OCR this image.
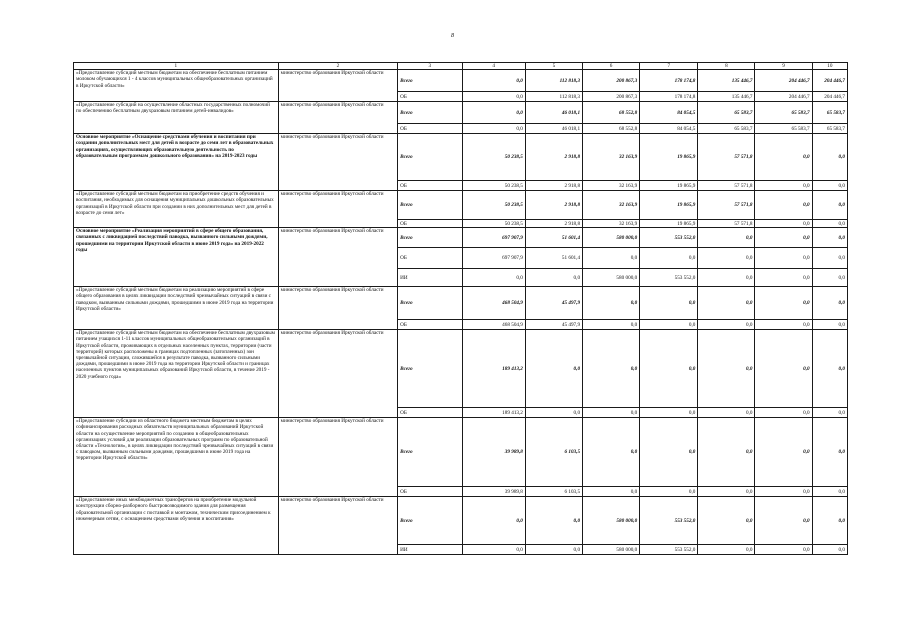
8
1	2	3	4	5	6	7	8	9	10
«Предоставление субсидий местным бюджетам на обеспечение бесплатным питанием молоком обучающихся 1 - 4 классов муниципальных общеобразовательных организаций в Иркутской области»	министерство образования Иркутской области	Всего	0,0	112 818,3	200 867,3	178 174,8	135 446,7	204 446,7	204 446,7
		ОБ	0,0	112 818,3	200 867,3	178 174,8	135 446,7	204 446,7	204 446,7
«Предоставление субсидий на осуществление областных государственных полномочий по обеспечению бесплатным двухразовым питанием детей-инвалидов»	министерство образования Иркутской области	Всего	0,0	46 018,1	68 552,8	84 054,5	65 583,7	65 583,7	65 583,7
		ОБ	0,0	46 018,1	68 552,8	84 054,5	65 583,7	65 583,7	65 583,7
Основное мероприятие «Оснащение средствами обучения и воспитания при создании дополнительных мест для детей в возрасте до семи лет в образовательных организациях, осуществляющих образовательную деятельность по образовательным программам дошкольного образования» на 2019-2023 годы	министерство образования Иркутской области	Всего	50 238,5	2 918,8	32 163,9	19 865,9	57 571,8	0,0	0,0
		ОБ	50 238,5	2 918,8	32 163,9	19 865,9	57 571,8	0,0	0,0
«Предоставление субсидий местным бюджетам на приобретение средств обучения и воспитания, необходимых для оснащения муниципальных дошкольных образовательных организаций в Иркутской области при создании в них дополнительных мест для детей в возрасте до семи лет»	министерство образования Иркутской области	Всего	50 238,5	2 918,8	32 163,9	19 865,9	57 571,8	0,0	0,0
		ОБ	50 238,5	2 918,8	32 163,9	19 865,9	57 571,8	0,0	0,0
Основное мероприятие «Реализация мероприятий в сфере общего образования, связанных с ликвидацией последствий паводка, вызванного сильными дождями, прошедшими на территории Иркутской области в июне 2019 года» на 2019-2022 годы	министерство образования Иркутской области	Всего	697 907,9	51 601,4	580 000,0	553 552,0	0,0	0,0	0,0
		ОБ	697 907,9	51 601,4	0,0	0,0	0,0	0,0	0,0
		ИИ	0,0	0,0	580 000,0	553 552,0	0,0	0,0	0,0
«Предоставление субсидий местным бюджетам на реализацию мероприятий в сфере общего образования в целях ликвидации последствий чрезвычайных ситуаций в связи с паводком, вызванным сильными дождями, прошедшими в июне 2019 года на территории Иркутской области»	министерство образования Иркутской области	Всего	468 504,9	45 497,9	0,0	0,0	0,0	0,0	0,0
		ОБ	468 504,9	45 497,9	0,0	0,0	0,0	0,0	0,0
«Предоставление субсидий местным бюджетам на обеспечение бесплатным двухразовым питанием учащихся 1-11 классов муниципальных общеобразовательных организаций в Иркутской области, проживающих в отдельных населенных пунктах, территории (части территорий) которых расположены в границах подтопленных (затопленных) зон чрезвычайной ситуации, сложившейся в результате паводка, вызванного сильными дождями, прошедшими в июне 2019 года на территории Иркутской области и границах населенных пунктов муниципальных образований Иркутской области, в течение 2019 - 2020 учебного года»	министерство образования Иркутской области	Всего	189 413,2	0,0	0,0	0,0	0,0	0,0	0,0
		ОБ	189 413,2	0,0	0,0	0,0	0,0	0,0	0,0
«Предоставление субсидии из областного бюджета местным бюджетам в целях софинансирования расходных обязательств муниципальных образований Иркутской области на осуществление мероприятий по созданию в общеобразовательных организациях условий для реализации образовательных программ по образовательной области «Технология», в целях ликвидации последствий чрезвычайных ситуаций в связи с паводком, вызванным сильными дождями, прошедшими в июне 2019 года на территории Иркутской области»	министерство образования Иркутской области	Всего	39 989,8	6 103,5	0,0	0,0	0,0	0,0	0,0
		ОБ	39 989,8	6 103,5	0,0	0,0	0,0	0,0	0,0
«Предоставление иных межбюджетных трансфертов на приобретение модульной конструкции сборно-разборного быстровозводимого здания для размещения образовательной организации с поставкой и монтажом, техническим присоединением к инженерным сетям, с оснащением средствами обучения и воспитания»	министерство образования Иркутской области	Всего	0,0	0,0	580 000,0	553 552,0	0,0	0,0	0,0
		ИИ	0,0	0,0	580 000,0	553 552,0	0,0	0,0	0,0
